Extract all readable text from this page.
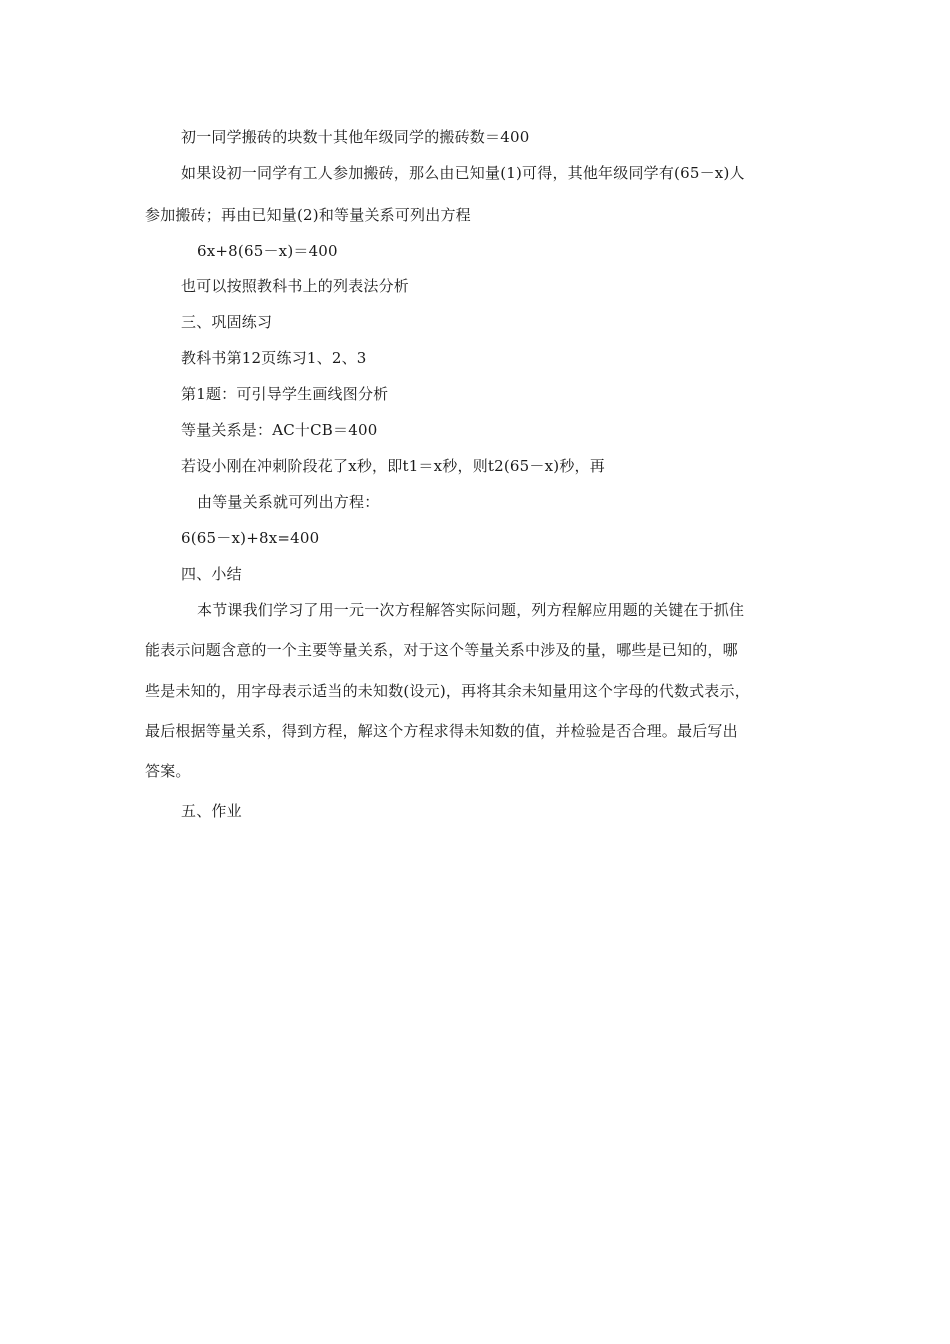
初一同学搬砖的块数十其他年级同学的搬砖数＝400
如果设初一同学有工人参加搬砖，那么由已知量(1)可得，其他年级同学有(65－x)人
参加搬砖；再由已知量(2)和等量关系可列出方程
6x+8(65－x)＝400
也可以按照教科书上的列表法分析
三、巩固练习
教科书第12页练习1、2、3
第1题：可引导学生画线图分析
等量关系是：AC十CB＝400
若设小刚在冲刺阶段花了x秒，即t1＝x秒，则t2(65－x)秒，再
由等量关系就可列出方程：
6(65－x)+8x=400
四、小结
本节课我们学习了用一元一次方程解答实际问题，列方程解应用题的关键在于抓住
能表示问题含意的一个主要等量关系，对于这个等量关系中涉及的量，哪些是已知的，哪
些是未知的，用字母表示适当的未知数(设元)，再将其余未知量用这个字母的代数式表示，
最后根据等量关系，得到方程，解这个方程求得未知数的值，并检验是否合理。最后写出
答案。
五、作业
